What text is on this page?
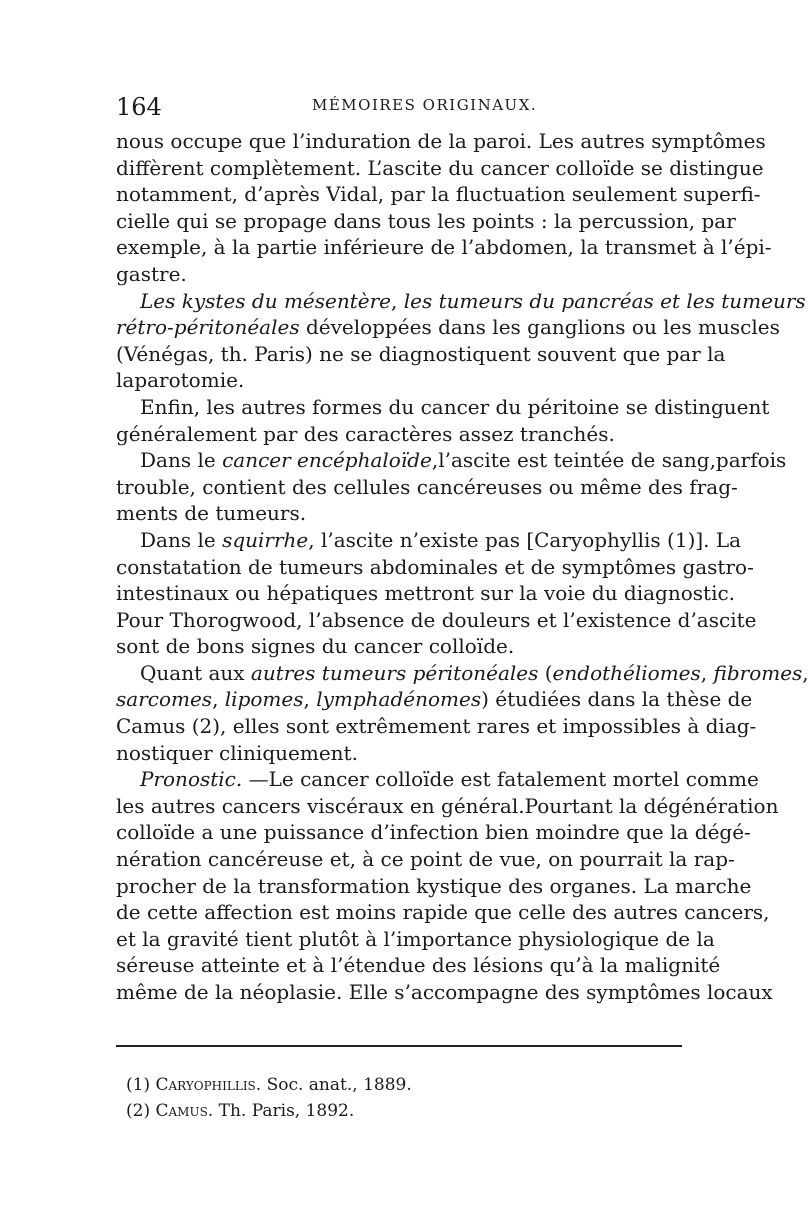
164	MÉMOIRES ORIGINAUX.
nous occupe que l’induration de la paroi. Les autres symptômes
diffèrent complètement. L’ascite du cancer colloïde se distingue
notamment, d’après Vidal, par la fluctuation seulement superfi-
cielle qui se propage dans tous les points : la percussion, par
exemple, à la partie inférieure de l’abdomen, la transmet à l’épi-
gastre.
Les kystes du mésentère, les tumeurs du pancréas et les tumeurs
rétro-péritonéales développées dans les ganglions ou les muscles
(Vénégas, th. Paris) ne se diagnostiquent souvent que par la
laparotomie.
Enfin, les autres formes du cancer du péritoine se distinguent
généralement par des caractères assez tranchés.
Dans le cancer encéphaloïde,l’ascite est teintée de sang,parfois
trouble, contient des cellules cancéreuses ou même des frag-
ments de tumeurs.
Dans le squirrhe, l’ascite n’existe pas [Caryophyllis (1)]. La
constatation de tumeurs abdominales et de symptômes gastro-
intestinaux ou hépatiques mettront sur la voie du diagnostic.
Pour Thorogwood, l’absence de douleurs et l’existence d’ascite
sont de bons signes du cancer colloïde.
Quant aux autres tumeurs péritonéales (endothéliomes, fibromes,
sarcomes, lipomes, lymphadénomes) étudiées dans la thèse de
Camus (2), elles sont extrêmement rares et impossibles à diag-
nostiquer cliniquement.
Pronostic. —Le cancer colloïde est fatalement mortel comme
les autres cancers viscéraux en général.Pourtant la dégénération
colloïde a une puissance d’infection bien moindre que la dégé-
nération cancéreuse et, à ce point de vue, on pourrait la rap-
procher de la transformation kystique des organes. La marche
de cette affection est moins rapide que celle des autres cancers,
et la gravité tient plutôt à l’importance physiologique de la
séreuse atteinte et à l’étendue des lésions qu’à la malignité
même de la néoplasie. Elle s’accompagne des symptômes locaux
(1) Caryophillis. Soc. anat., 1889.
(2) Camus. Th. Paris, 1892.
